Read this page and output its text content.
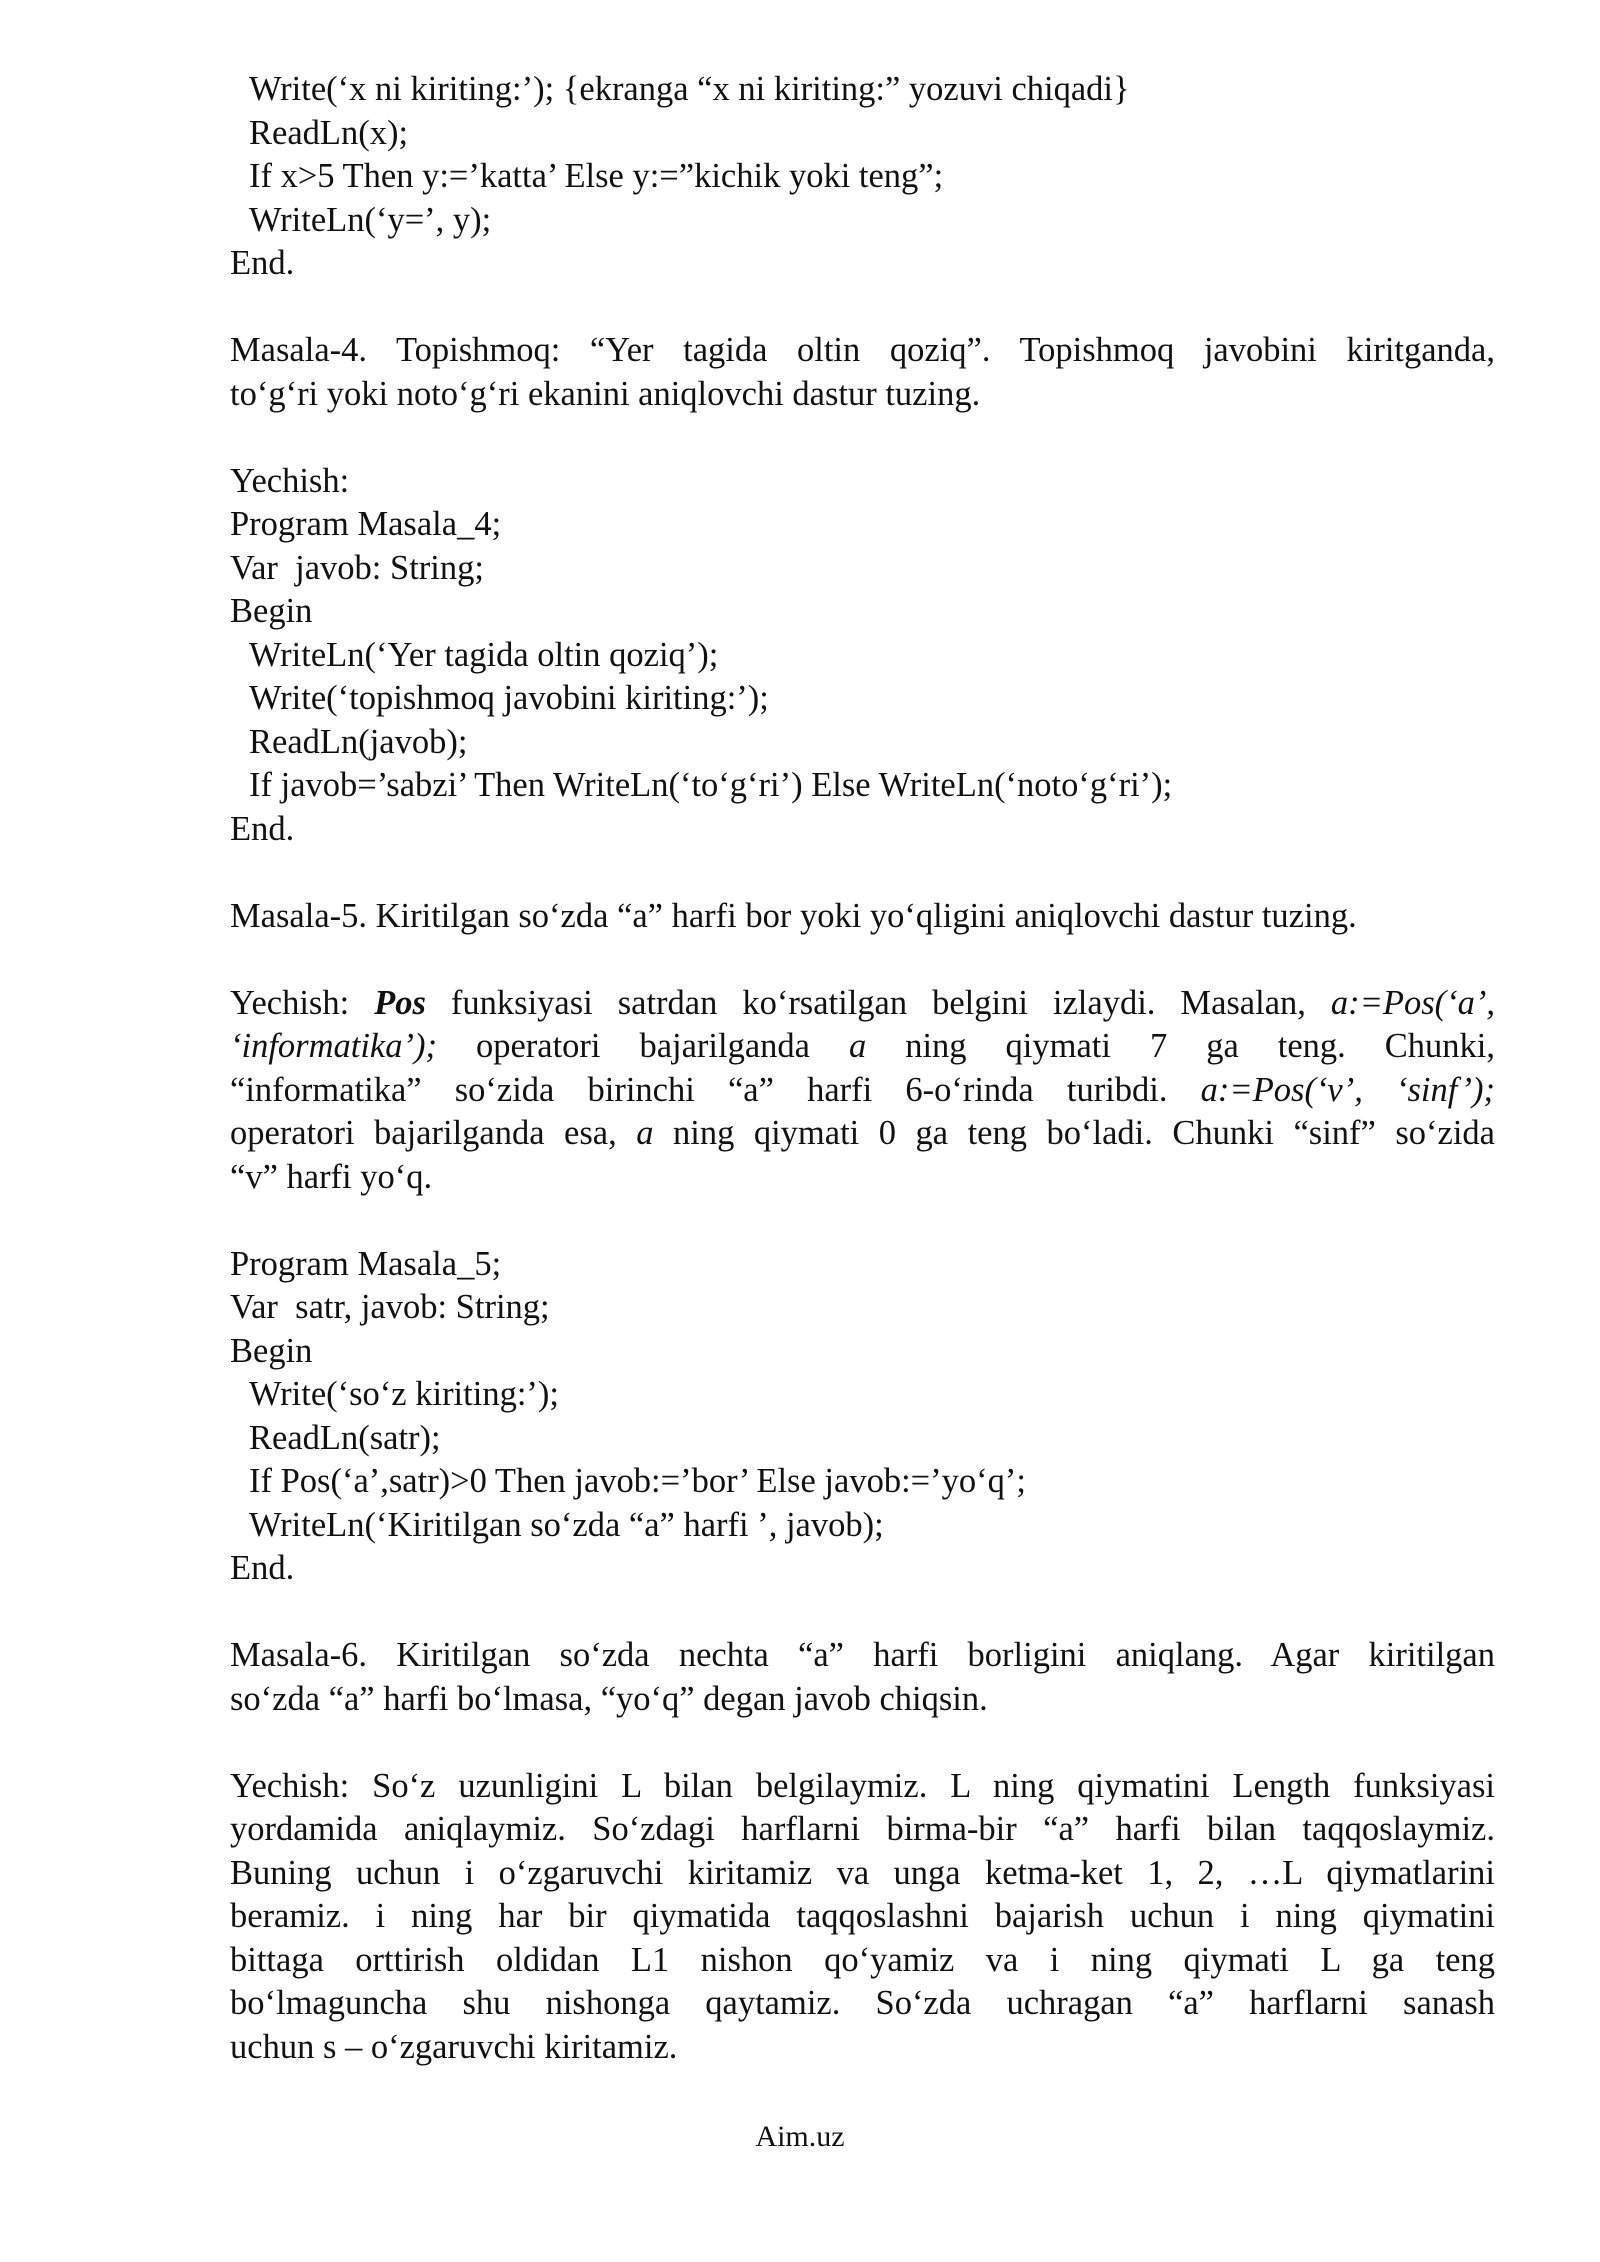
Write(‘x ni kiriting:’); {ekranga “x ni kiriting:” yozuvi chiqadi}
ReadLn(x);
If x>5 Then y:=’katta’ Else y:=”kichik yoki teng”;
WriteLn(‘y=’, y);
End.
Masala-4. Topishmoq: “Yer tagida oltin qoziq”. Topishmoq javobini kiritganda,
to‘g‘ri yoki noto‘g‘ri ekanini aniqlovchi dastur tuzing.
Yechish:
Program Masala_4;
Var  javob: String;
Begin
WriteLn(‘Yer tagida oltin qoziq’);
Write(‘topishmoq javobini kiriting:’);
ReadLn(javob);
If javob=’sabzi’ Then WriteLn(‘to‘g‘ri’) Else WriteLn(‘noto‘g‘ri’);
End.
Masala-5. Kiritilgan so‘zda “a” harfi bor yoki yo‘qligini aniqlovchi dastur tuzing.
Yechish: Pos funksiyasi satrdan ko‘rsatilgan belgini izlaydi. Masalan, a:=Pos(‘a’,
‘informatika’); operatori bajarilganda a ning qiymati 7 ga teng. Chunki,
“informatika” so‘zida birinchi “a” harfi 6-o‘rinda turibdi. a:=Pos(‘v’, ‘sinf’);
operatori bajarilganda esa, a ning qiymati 0 ga teng bo‘ladi. Chunki “sinf” so‘zida
“v” harfi yo‘q.
Program Masala_5;
Var  satr, javob: String;
Begin
Write(‘so‘z kiriting:’);
ReadLn(satr);
If Pos(‘a’,satr)>0 Then javob:=’bor’ Else javob:=’yo‘q’;
WriteLn(‘Kiritilgan so‘zda “a” harfi ’, javob);
End.
Masala-6. Kiritilgan so‘zda nechta “a” harfi borligini aniqlang. Agar kiritilgan
so‘zda “a” harfi bo‘lmasa, “yo‘q” degan javob chiqsin.
Yechish: So‘z uzunligini L bilan belgilaymiz. L ning qiymatini Length funksiyasi
yordamida aniqlaymiz. So‘zdagi harflarni birma-bir “a” harfi bilan taqqoslaymiz.
Buning uchun i o‘zgaruvchi kiritamiz va unga ketma-ket 1, 2, …L qiymatlarini
beramiz. i ning har bir qiymatida taqqoslashni bajarish uchun i ning qiymatini
bittaga orttirish oldidan L1 nishon qo‘yamiz va i ning qiymati L ga teng
bo‘lmaguncha shu nishonga qaytamiz. So‘zda uchragan “a” harflarni sanash
uchun s – o‘zgaruvchi kiritamiz.
Aim.uz
